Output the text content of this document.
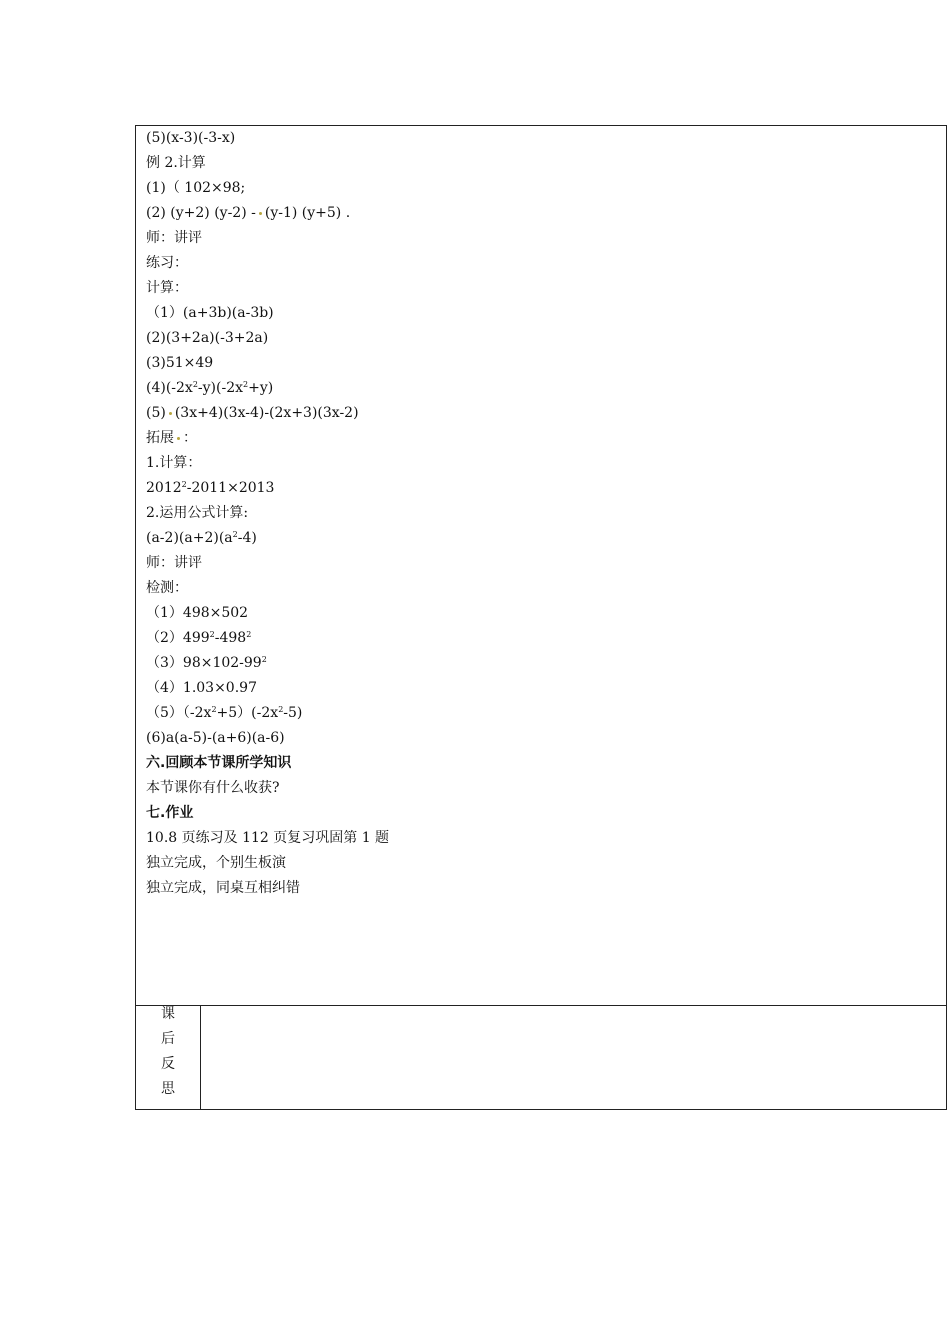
(5)(x-3)(-3-x)
例 2.计算
(1)（ 102×98;
(2) (y+2) (y-2) - (y-1) (y+5) .
师：讲评
练习：
计算：
（1）(a+3b)(a-3b)
(2)(3+2a)(-3+2a)
(3)51×49
$(4)(-2x^2-y)(-2x^2+y)$
(5) (3x+4)(3x-4)-(2x+3)(3x-2)
拓展 ：
1.计算：
$2012^2-2011\times 2013$
2.运用公式计算:
$(a-2)(a+2)(a^2-4)$
师：讲评
检测：
（1）498×502
$(2)499^2-498^2$
$(3)98\times 102-99^2$
（4）1.03×0.97
$(5)(-2x^2+5)(-2x^2-5)$
(6)a(a-5)-(a+6)(a-6)
六.回顾本节课所学知识
本节课你有什么收获?
七.作业
10.8 页练习及 112 页复习巩固第 1 题
独立完成，个别生板演
独立完成，同桌互相纠错
课
后
反
思
